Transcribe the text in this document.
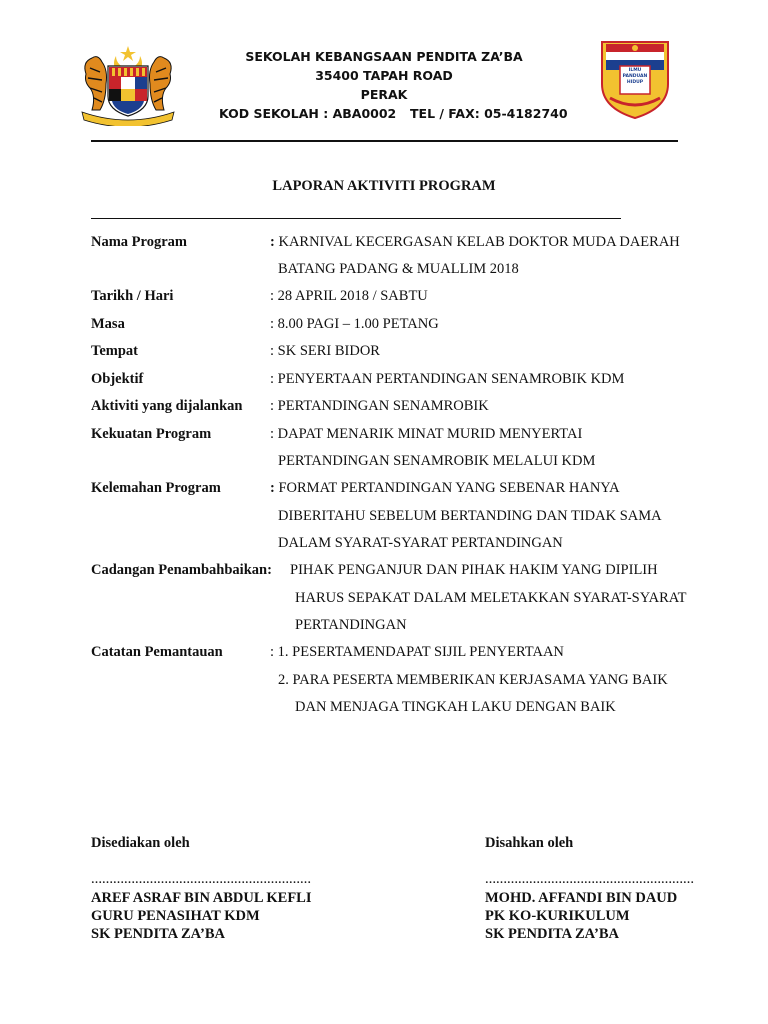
ILMU
PANDUAN
HIDUP
SEKOLAH KEBANGSAAN PENDITA ZA’BA
35400 TAPAH ROAD
PERAK
KOD SEKOLAH : ABA0002 TEL / FAX: 05-4182740
LAPORAN AKTIVITI PROGRAM
Nama Program	: KARNIVAL KECERGASAN KELAB DOKTOR MUDA DAERAH
BATANG PADANG & MUALLIM 2018
Tarikh / Hari	: 28 APRIL 2018 / SABTU
Masa	: 8.00 PAGI – 1.00 PETANG
Tempat	: SK SERI BIDOR
Objektif	: PENYERTAAN PERTANDINGAN SENAMROBIK KDM
Aktiviti yang dijalankan : PERTANDINGAN SENAMROBIK
Kekuatan Program	: DAPAT MENARIK MINAT MURID MENYERTAI
PERTANDINGAN SENAMROBIK MELALUI KDM
Kelemahan Program	: FORMAT PERTANDINGAN YANG SEBENAR HANYA
DIBERITAHU SEBELUM BERTANDING DAN TIDAK SAMA
DALAM SYARAT-SYARAT PERTANDINGAN
Cadangan Penambahbaikan: PIHAK PENGANJUR DAN PIHAK HAKIM YANG DIPILIH
HARUS SEPAKAT DALAM MELETAKKAN SYARAT-SYARAT
PERTANDINGAN
Catatan Pemantauan	: 1. PESERTAMENDAPAT SIJIL PENYERTAAN
2. PARA PESERTA MEMBERIKAN KERJASAMA YANG BAIK
DAN MENJAGA TINGKAH LAKU DENGAN BAIK
Disediakan oleh
……………………………………………………
AREF ASRAF BIN ABDUL KEFLI
GURU PENASIHAT KDM
SK PENDITA ZA’BA
Disahkan oleh
…………………………………………………
MOHD. AFFANDI BIN DAUD
PK KO-KURIKULUM
SK PENDITA ZA’BA
